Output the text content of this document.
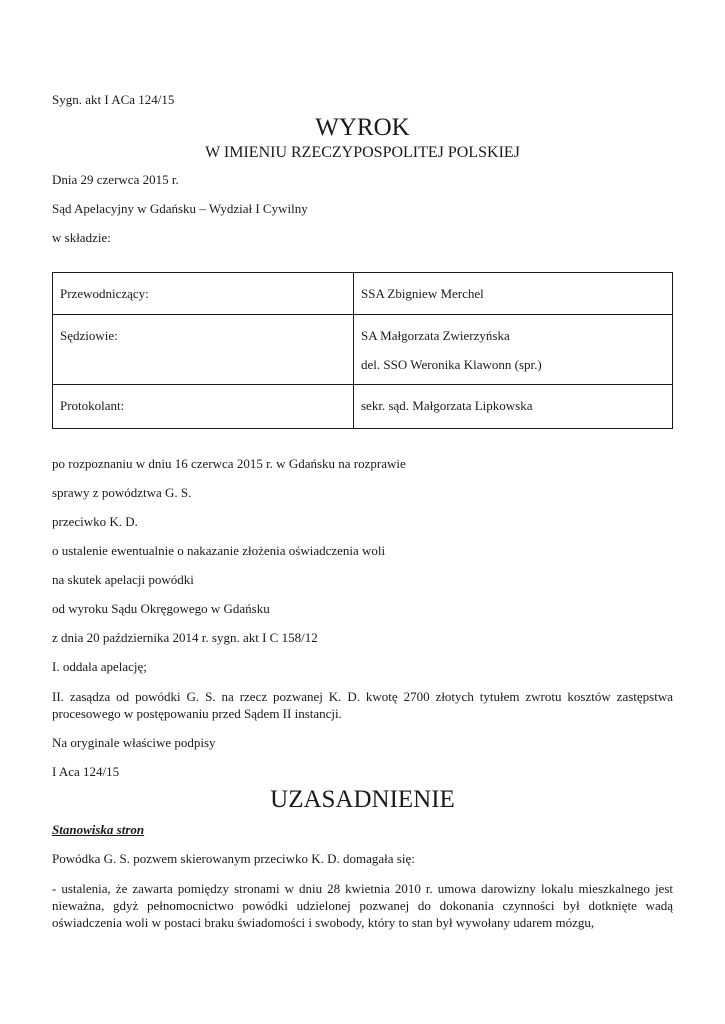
Sygn. akt I ACa 124/15
WYROK
W IMIENIU RZECZYPOSPOLITEJ POLSKIEJ
Dnia 29 czerwca 2015 r.
Sąd Apelacyjny w Gdańsku – Wydział I Cywilny
w składzie:
Przewodniczący:	SSA Zbigniew Merchel

Sędziowie:	SA Małgorzata Zwierzyńska
del. SSO Weronika Klawonn (spr.)

Protokolant:	sekr. sąd. Małgorzata Lipkowska
po rozpoznaniu w dniu 16 czerwca 2015 r. w Gdańsku na rozprawie
sprawy z powództwa G. S.
przeciwko K. D.
o ustalenie ewentualnie o nakazanie złożenia oświadczenia woli
na skutek apelacji powódki
od wyroku Sądu Okręgowego w Gdańsku
z dnia 20 października 2014 r. sygn. akt I C 158/12
I. oddala apelację;
II. zasądza od powódki G. S. na rzecz pozwanej K. D. kwotę 2700 złotych tytułem zwrotu kosztów zastępstwa procesowego w postępowaniu przed Sądem II instancji.
Na oryginale właściwe podpisy
I Aca 124/15
UZASADNIENIE
Stanowiska stron
Powódka G. S. pozwem skierowanym przeciwko K. D. domagała się:
- ustalenia, że zawarta pomiędzy stronami w dniu 28 kwietnia 2010 r. umowa darowizny lokalu mieszkalnego jest nieważna, gdyż pełnomocnictwo powódki udzielonej pozwanej do dokonania czynności był dotknięte wadą oświadczenia woli w postaci braku świadomości i swobody, który to stan był wywołany udarem mózgu,
